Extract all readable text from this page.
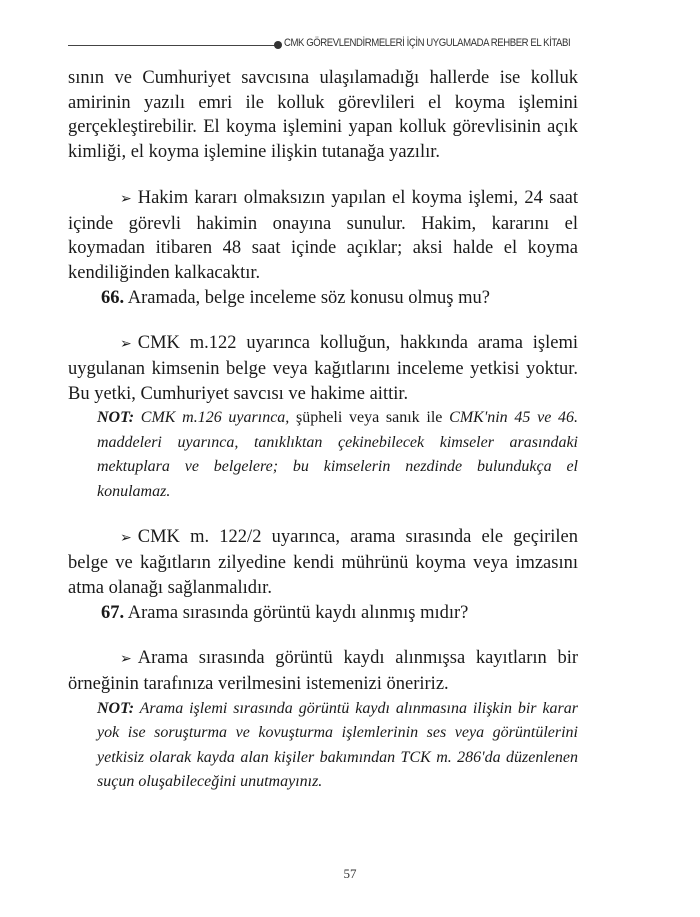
CMK GÖREVLENDİRMELERİ İÇİN UYGULAMADA REHBER EL KİTABI

sının ve Cumhuriyet savcısına ulaşılamadığı hallerde ise kolluk amirinin yazılı emri ile kolluk görevlileri el koyma işlemini gerçekleştirebilir. El koyma işlemini yapan kolluk görevlisinin açık kimliği, el koyma işlemine ilişkin tutanağa yazılır.

➢ Hakim kararı olmaksızın yapılan el koyma işlemi, 24 saat içinde görevli hakimin onayına sunulur. Hakim, kararını el koymadan itibaren 48 saat içinde açıklar; aksi halde el koyma kendiliğinden kalkacaktır.

66. Aramada, belge inceleme söz konusu olmuş mu?

➢ CMK m.122 uyarınca kolluğun, hakkında arama işlemi uygulanan kimsenin belge veya kağıtlarını inceleme yetkisi yoktur. Bu yetki, Cumhuriyet savcısı ve hakime aittir.

NOT: CMK m.126 uyarınca, şüpheli veya sanık ile CMK'nin 45 ve 46. maddeleri uyarınca, tanıklıktan çekinebilecek kimseler arasındaki mektuplara ve belgelere; bu kimselerin nezdinde bulundukça el konulamaz.

➢ CMK m. 122/2 uyarınca, arama sırasında ele geçirilen belge ve kağıtların zilyedine kendi mührünü koyma veya imzasını atma olanağı sağlanmalıdır.

67. Arama sırasında görüntü kaydı alınmış mıdır?

➢ Arama sırasında görüntü kaydı alınmışsa kayıtların bir örneğinin tarafınıza verilmesini istemenizi öneririz.

NOT: Arama işlemi sırasında görüntü kaydı alınmasına ilişkin bir karar yok ise soruşturma ve kovuşturma işlemlerinin ses veya görüntülerini yetkisiz olarak kayda alan kişiler bakımından TCK m. 286'da düzenlenen suçun oluşabileceğini unutmayınız.

57
